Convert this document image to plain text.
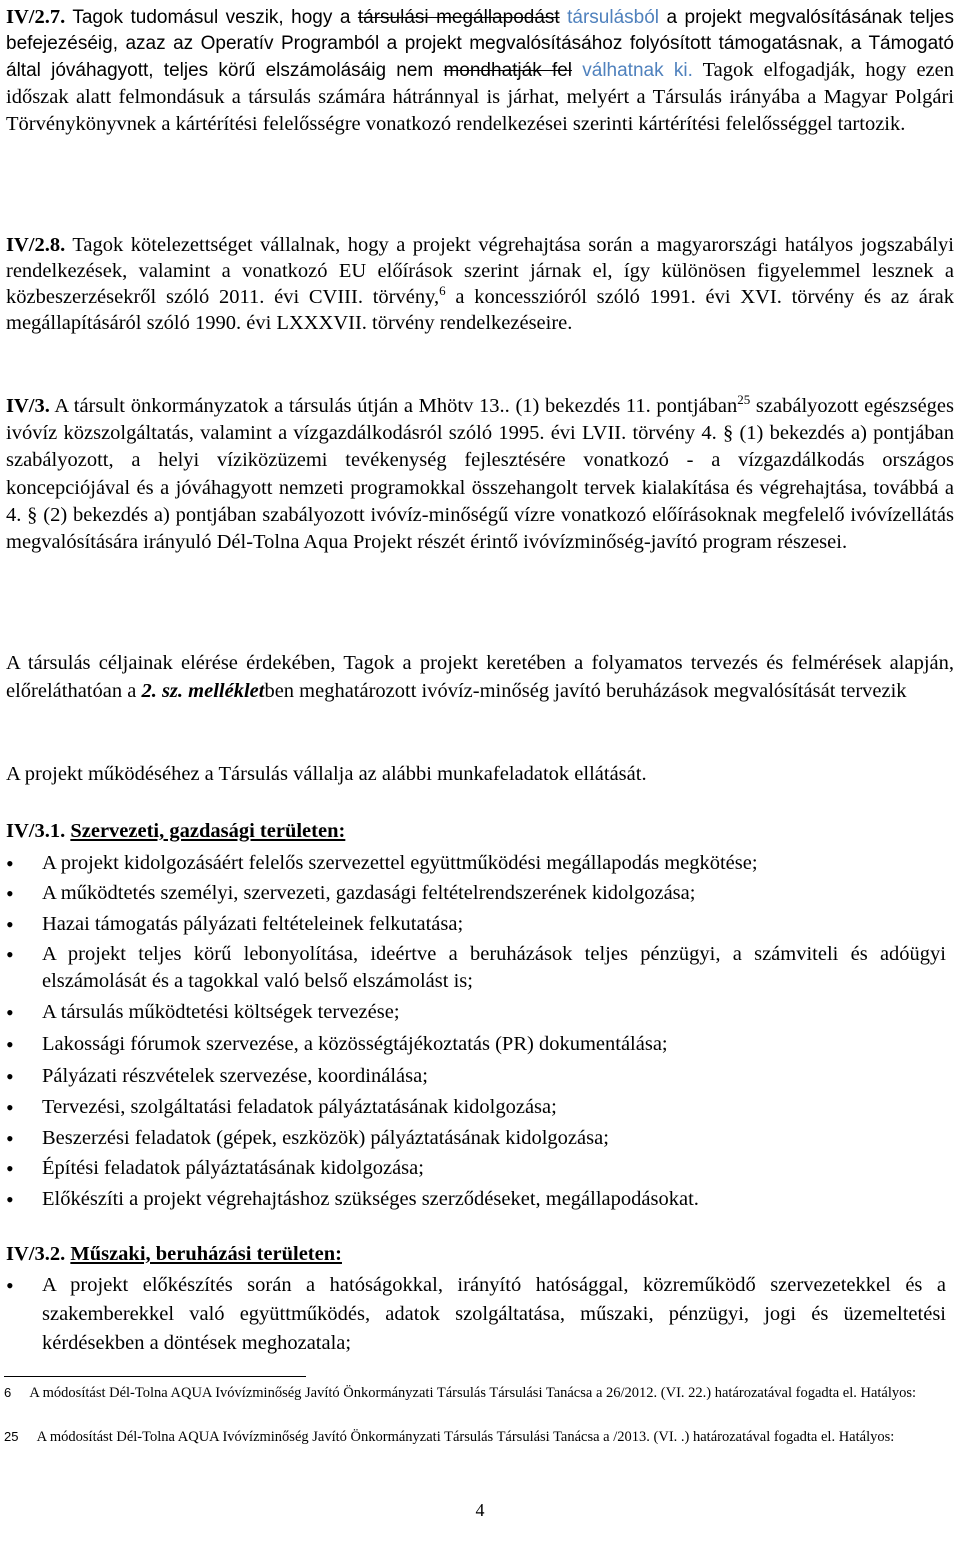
IV/2.7. Tagok tudomásul veszik, hogy a társulási megállapodást társulásból a projekt megvalósításának teljes befejezéséig, azaz az Operatív Programból a projekt megvalósításához folyósított támogatásnak, a Támogató által jóváhagyott, teljes körű elszámolásáig nem mondhatják fel válhatnak ki. Tagok elfogadják, hogy ezen időszak alatt felmondásuk a társulás számára hátránnyal is járhat, melyért a Társulás irányába a Magyar Polgári Törvénykönyvnek a kártérítési felelősségre vonatkozó rendelkezései szerinti kártérítési felelősséggel tartozik.
IV/2.8. Tagok kötelezettséget vállalnak, hogy a projekt végrehajtása során a magyarországi hatályos jogszabályi rendelkezések, valamint a vonatkozó EU előírások szerint járnak el, így különösen figyelemmel lesznek a közbeszerzésekről szóló 2011. évi CVIII. törvény,$^6$ a koncesszióról szóló 1991. évi XVI. törvény és az árak megállapításáról szóló 1990. évi LXXXVII. törvény rendelkezéseire.
IV/3. A társult önkormányzatok a társulás útján a Mhötv 13.. (1) bekezdés 11. pontjában$^{25}$ szabályozott egészséges ivóvíz közszolgáltatás, valamint a vízgazdálkodásról szóló 1995. évi LVII. törvény 4. § (1) bekezdés a) pontjában szabályozott, a helyi víziközüzemi tevékenység fejlesztésére vonatkozó - a vízgazdálkodás országos koncepciójával és a jóváhagyott nemzeti programokkal összehangolt tervek kialakítása és végrehajtása, továbbá a 4. § (2) bekezdés a) pontjában szabályozott ivóvíz-minőségű vízre vonatkozó előírásoknak megfelelő ivóvízellátás megvalósítására irányuló Dél-Tolna Aqua Projekt részét érintő ivóvízminőség-javító program részesei.
A társulás céljainak elérése érdekében, Tagok a projekt keretében a folyamatos tervezés és felmérések alapján, előreláthatóan a 2. sz. mellékletben meghatározott ivóvíz-minőség javító beruházások megvalósítását tervezik
A projekt működéséhez a Társulás vállalja az alábbi munkafeladatok ellátását.
IV/3.1. Szervezeti, gazdasági területen:
•
A projekt kidolgozásáért felelős szervezettel együttműködési megállapodás megkötése;
•
A működtetés személyi, szervezeti, gazdasági feltételrendszerének kidolgozása;
•
Hazai támogatás pályázati feltételeinek felkutatása;
•
A projekt teljes körű lebonyolítása, ideértve a beruházások teljes pénzügyi, a számviteli és adóügyi elszámolását és a tagokkal való belső elszámolást is;
•
A társulás működtetési költségek tervezése;
•
Lakossági fórumok szervezése, a közösségtájékoztatás (PR) dokumentálása;
•
Pályázati részvételek szervezése, koordinálása;
•
Tervezési, szolgáltatási feladatok pályáztatásának kidolgozása;
•
Beszerzési feladatok (gépek, eszközök) pályáztatásának kidolgozása;
•
Építési feladatok pályáztatásának kidolgozása;
•
Előkészíti a projekt végrehajtáshoz szükséges szerződéseket, megállapodásokat.
IV/3.2. Műszaki, beruházási területen:
•
A projekt előkészítés során a hatóságokkal, irányító hatósággal, közreműködő szervezetekkel és a szakemberekkel való együttműködés, adatok szolgáltatása, műszaki, pénzügyi, jogi és üzemeltetési kérdésekben a döntések meghozatala;
6 A módosítást Dél-Tolna AQUA Ivóvízminőség Javító Önkormányzati Társulás Társulási Tanácsa a 26/2012. (VI. 22.) határozatával fogadta el. Hatályos:
25 A módosítást Dél-Tolna AQUA Ivóvízminőség Javító Önkormányzati Társulás Társulási Tanácsa a /2013. (VI. .) határozatával fogadta el. Hatályos:
4
